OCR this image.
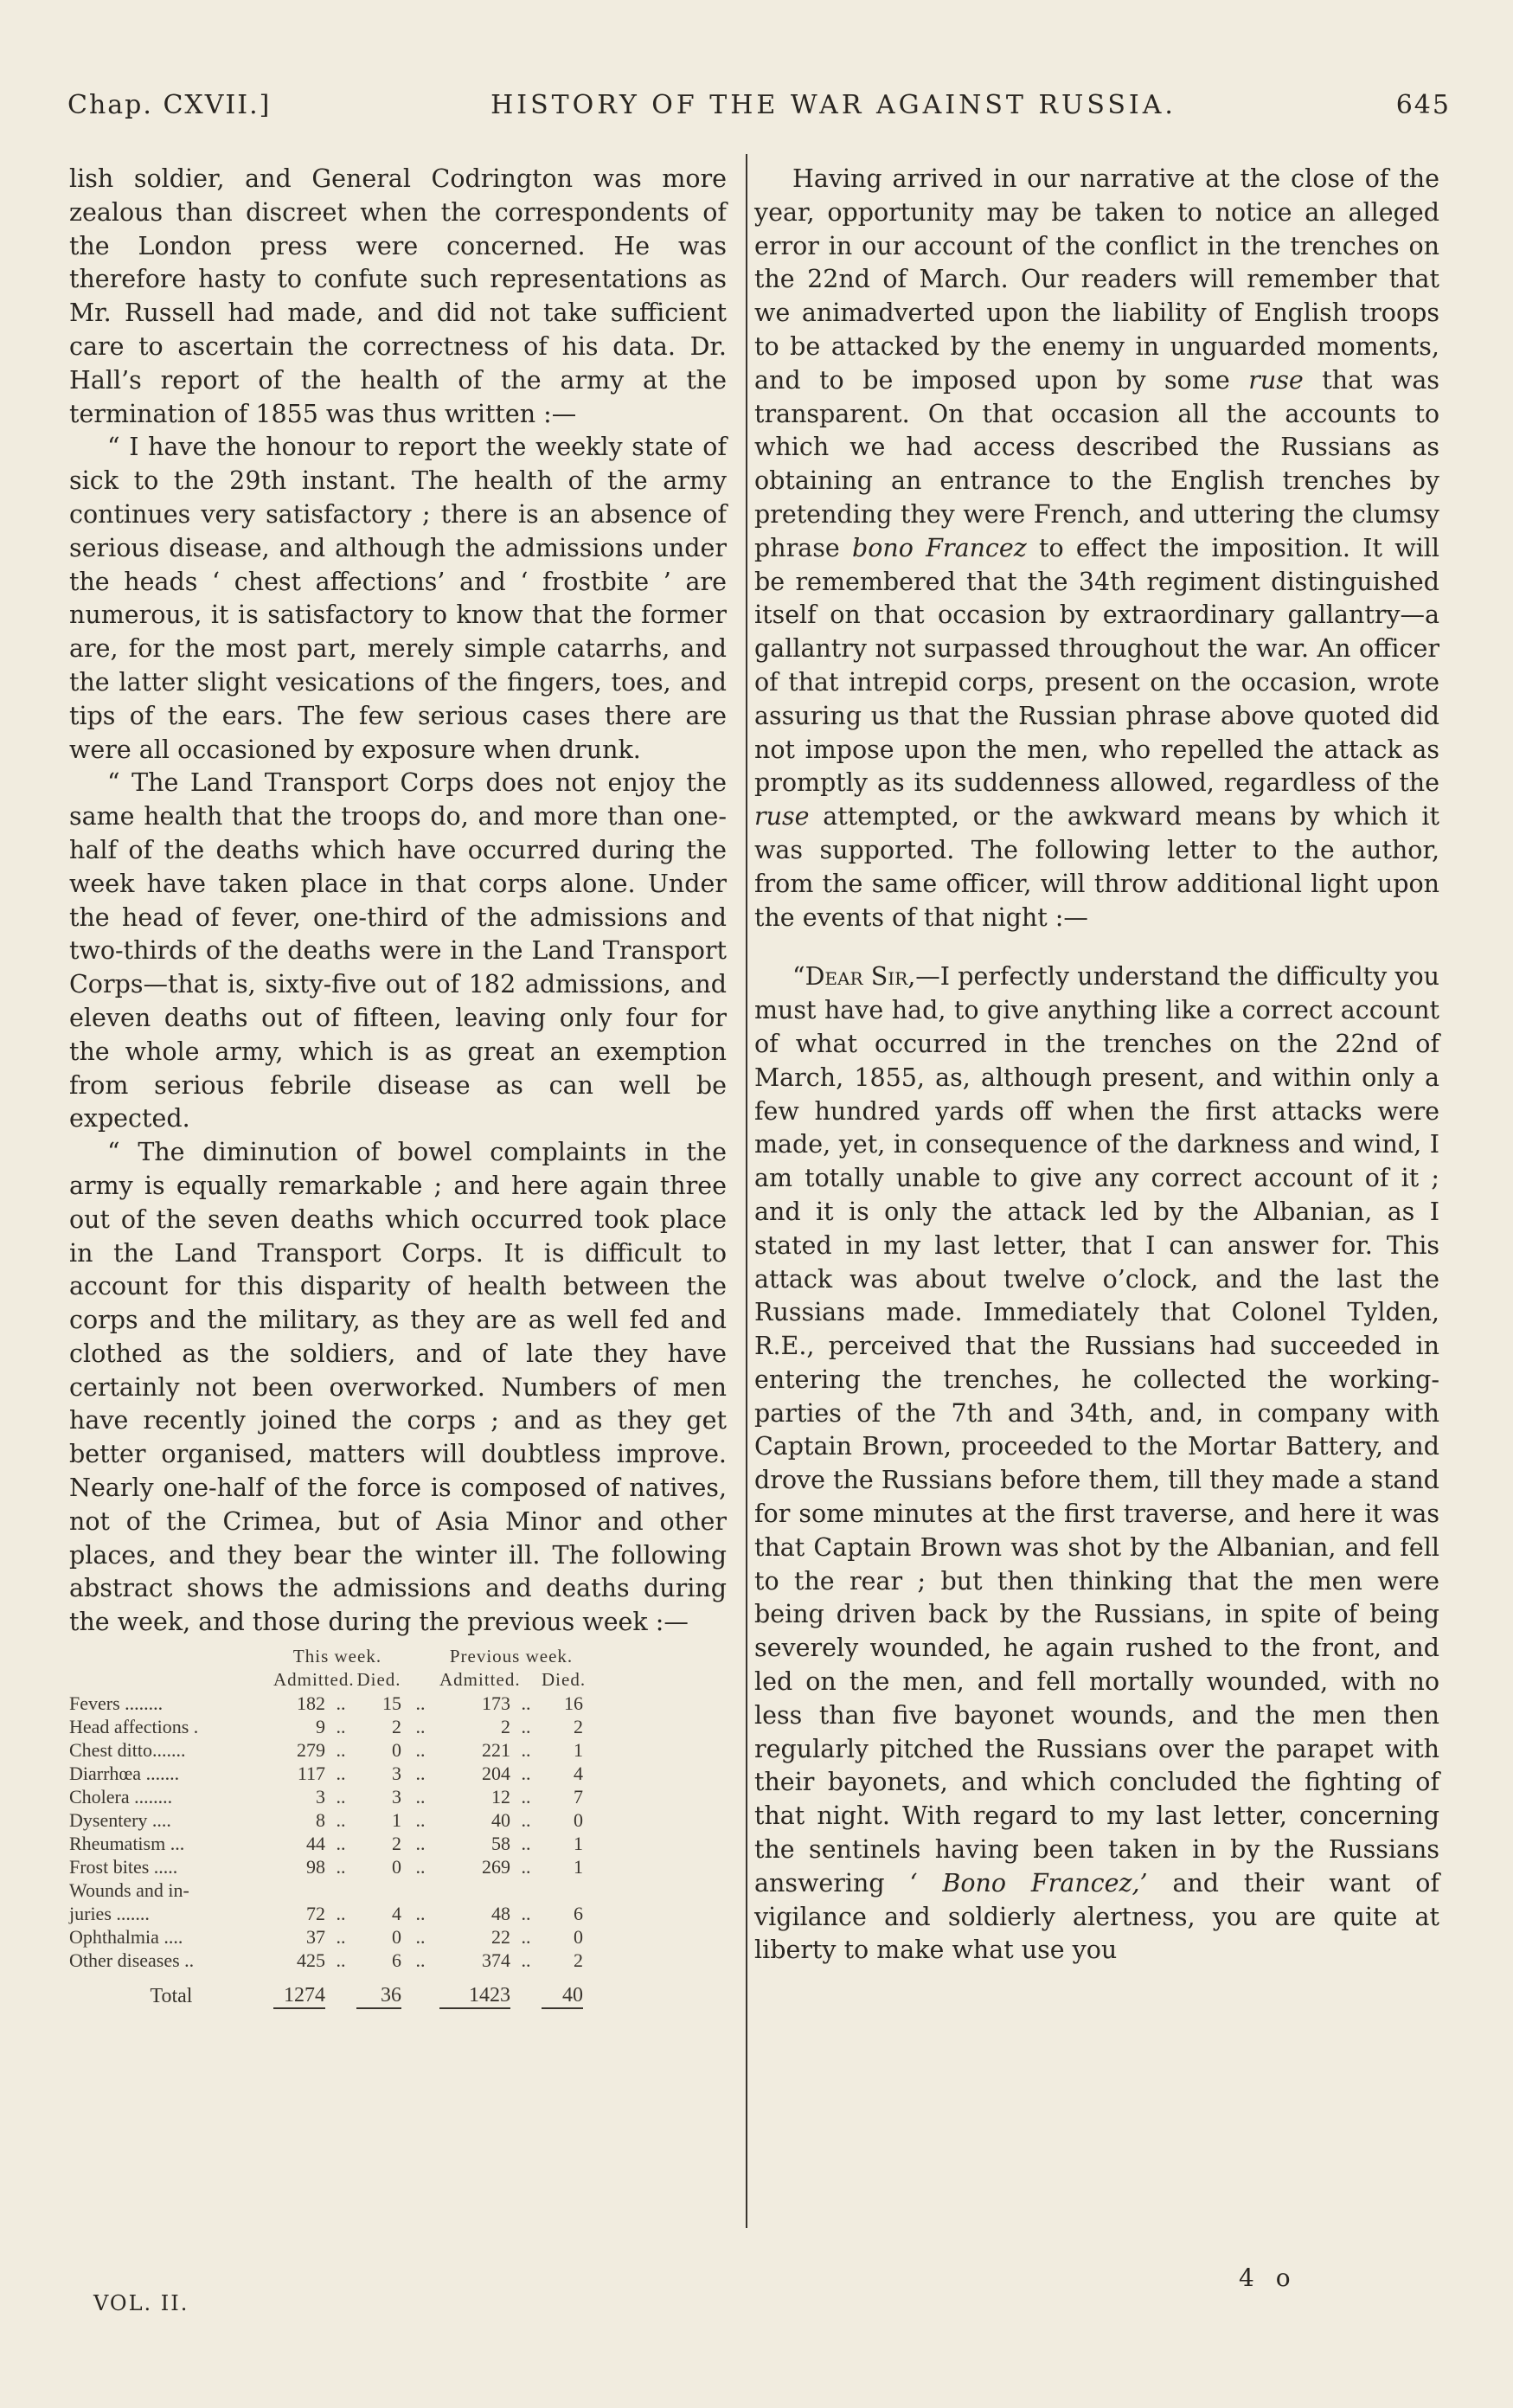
Chap. CXVII.]	HISTORY OF THE WAR AGAINST RUSSIA.	645

lish soldier, and General Codrington was more zealous than discreet when the correspondents of the London press were concerned. He was therefore hasty to confute such representations as Mr. Russell had made, and did not take sufficient care to ascertain the correctness of his data. Dr. Hall’s report of the health of the army at the termination of 1855 was thus written :—

“ I have the honour to report the weekly state of sick to the 29th instant. The health of the army continues very satisfactory ; there is an absence of serious disease, and although the admissions under the heads ‘ chest affections’ and ‘ frostbite ’ are numerous, it is satisfactory to know that the former are, for the most part, merely simple catarrhs, and the latter slight vesications of the fingers, toes, and tips of the ears. The few serious cases there are were all occasioned by exposure when drunk.

“ The Land Transport Corps does not enjoy the same health that the troops do, and more than one-half of the deaths which have occurred during the week have taken place in that corps alone. Under the head of fever, one-third of the admissions and two-thirds of the deaths were in the Land Transport Corps—that is, sixty-five out of 182 admissions, and eleven deaths out of fifteen, leaving only four for the whole army, which is as great an exemption from serious febrile disease as can well be expected.

“ The diminution of bowel complaints in the army is equally remarkable ; and here again three out of the seven deaths which occurred took place in the Land Transport Corps. It is difficult to account for this disparity of health between the corps and the military, as they are as well fed and clothed as the soldiers, and of late they have certainly not been overworked. Numbers of men have recently joined the corps ; and as they get better organised, matters will doubtless improve. Nearly one-half of the force is composed of natives, not of the Crimea, but of Asia Minor and other places, and they bear the winter ill. The following abstract shows the admissions and deaths during the week, and those during the previous week :—

	This week.				Previous week.			
	Admitted.		Died.		Admitted.		Died.	
Fevers ........	182	..	15	..	173	..	16	
Head affections .	9	..	2	..	2	..	2	
Chest ditto.......	279	..	0	..	221	..	1	
Diarrhœa .......	117	..	3	..	204	..	4	
Cholera ........	3	..	3	..	12	..	7	
Dysentery ....	8	..	1	..	40	..	0	
Rheumatism ...	44	..	2	..	58	..	1	
Frost bites .....	98	..	0	..	269	..	1	
Wounds and in-								
juries .......	72	..	4	..	48	..	6	
Ophthalmia ....	37	..	0	..	22	..	0	
Other diseases ..	425	..	6	..	374	..	2	
Total	1274		36		1423		40	

Having arrived in our narrative at the close of the year, opportunity may be taken to notice an alleged error in our account of the conflict in the trenches on the 22nd of March. Our readers will remember that we animadverted upon the liability of English troops to be attacked by the enemy in unguarded moments, and to be imposed upon by some ruse that was transparent. On that occasion all the accounts to which we had access described the Russians as obtaining an entrance to the English trenches by pretending they were French, and uttering the clumsy phrase bono Francez to effect the imposition. It will be remembered that the 34th regiment distinguished itself on that occasion by extraordinary gallantry—a gallantry not surpassed throughout the war. An officer of that intrepid corps, present on the occasion, wrote assuring us that the Russian phrase above quoted did not impose upon the men, who repelled the attack as promptly as its suddenness allowed, regardless of the ruse attempted, or the awkward means by which it was supported. The following letter to the author, from the same officer, will throw additional light upon the events of that night :—

“Dear Sir,—I perfectly understand the difficulty you must have had, to give anything like a correct account of what occurred in the trenches on the 22nd of March, 1855, as, although present, and within only a few hundred yards off when the first attacks were made, yet, in consequence of the darkness and wind, I am totally unable to give any correct account of it ; and it is only the attack led by the Albanian, as I stated in my last letter, that I can answer for. This attack was about twelve o’clock, and the last the Russians made. Immediately that Colonel Tylden, R.E., perceived that the Russians had succeeded in entering the trenches, he collected the working-parties of the 7th and 34th, and, in company with Captain Brown, proceeded to the Mortar Battery, and drove the Russians before them, till they made a stand for some minutes at the first traverse, and here it was that Captain Brown was shot by the Albanian, and fell to the rear ; but then thinking that the men were being driven back by the Russians, in spite of being severely wounded, he again rushed to the front, and led on the men, and fell mortally wounded, with no less than five bayonet wounds, and the men then regularly pitched the Russians over the parapet with their bayonets, and which concluded the fighting of that night. With regard to my last letter, concerning the sentinels having been taken in by the Russians answering ‘ Bono Francez,’ and their want of vigilance and soldierly alertness, you are quite at liberty to make what use you

VOL. II.
4 o
